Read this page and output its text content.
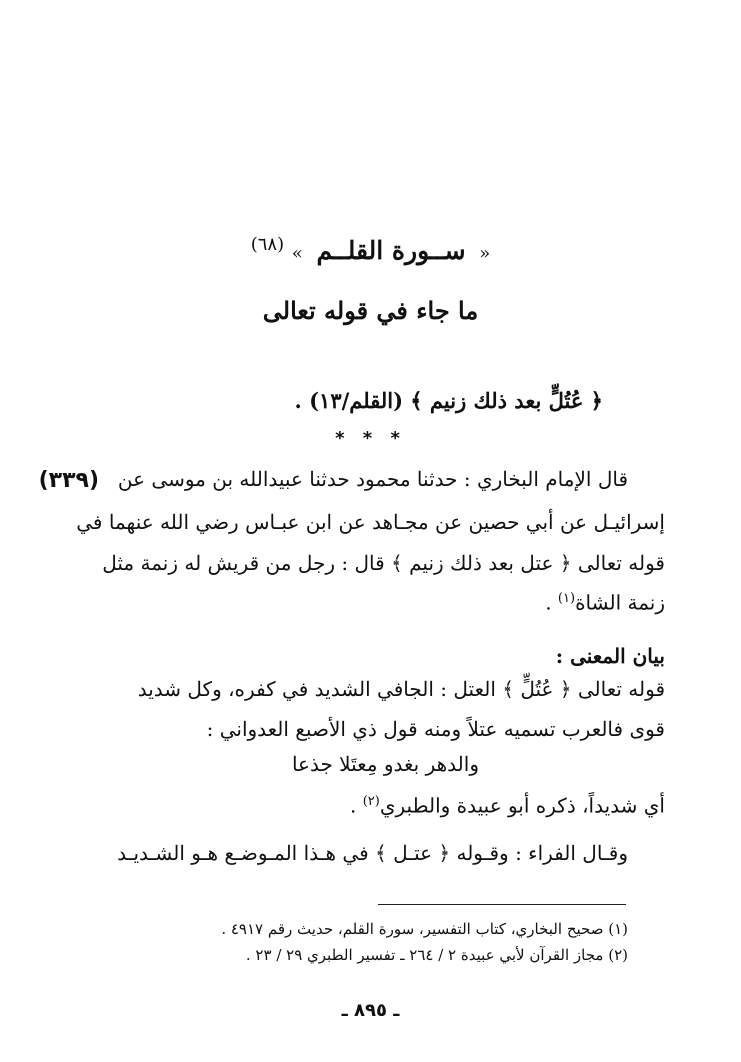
« ســورة القلــم » $^{(٦٨)}$
ما جاء في قوله تعالى
﴿ عُتُلٍّ بعد ذلك زنيم ﴾ (القلم/١٣) .
* * *
(٣٣٩) قال الإمام البخاري : حدثنا محمود حدثنا عبيدالله بن موسى عن
إسرائيـل عن أبي حصين عن مجـاهد عن ابن عبـاس رضي الله عنهما في
قوله تعالى ﴿ عتل بعد ذلك زنيم ﴾ قال : رجل من قريش له زنمة مثل
زنمة الشاة$^{(١)}$ .
بيان المعنى :
قوله تعالى ﴿ عُتُلٍّ ﴾ العتل : الجافي الشديد في كفره، وكل شديد
قوى فالعرب تسميه عتلاً ومنه قول ذي الأصبع العدواني :
والدهر بغدو مِعتَلا جذعا
أي شديداً، ذكره أبو عبيدة والطبري$^{(٢)}$ .
وقـال الفراء : وقـوله ﴿ عتـل ﴾ في هـذا المـوضـع هـو الشـديـد
(١) صحيح البخاري، كتاب التفسير، سورة القلم، حديث رقم ٤٩١٧ .
(٢) مجاز القرآن لأبي عبيدة ٢ / ٢٦٤ ـ تفسير الطبري ٢٩ / ٢٣ .
ـ ٨٩٥ ـ
